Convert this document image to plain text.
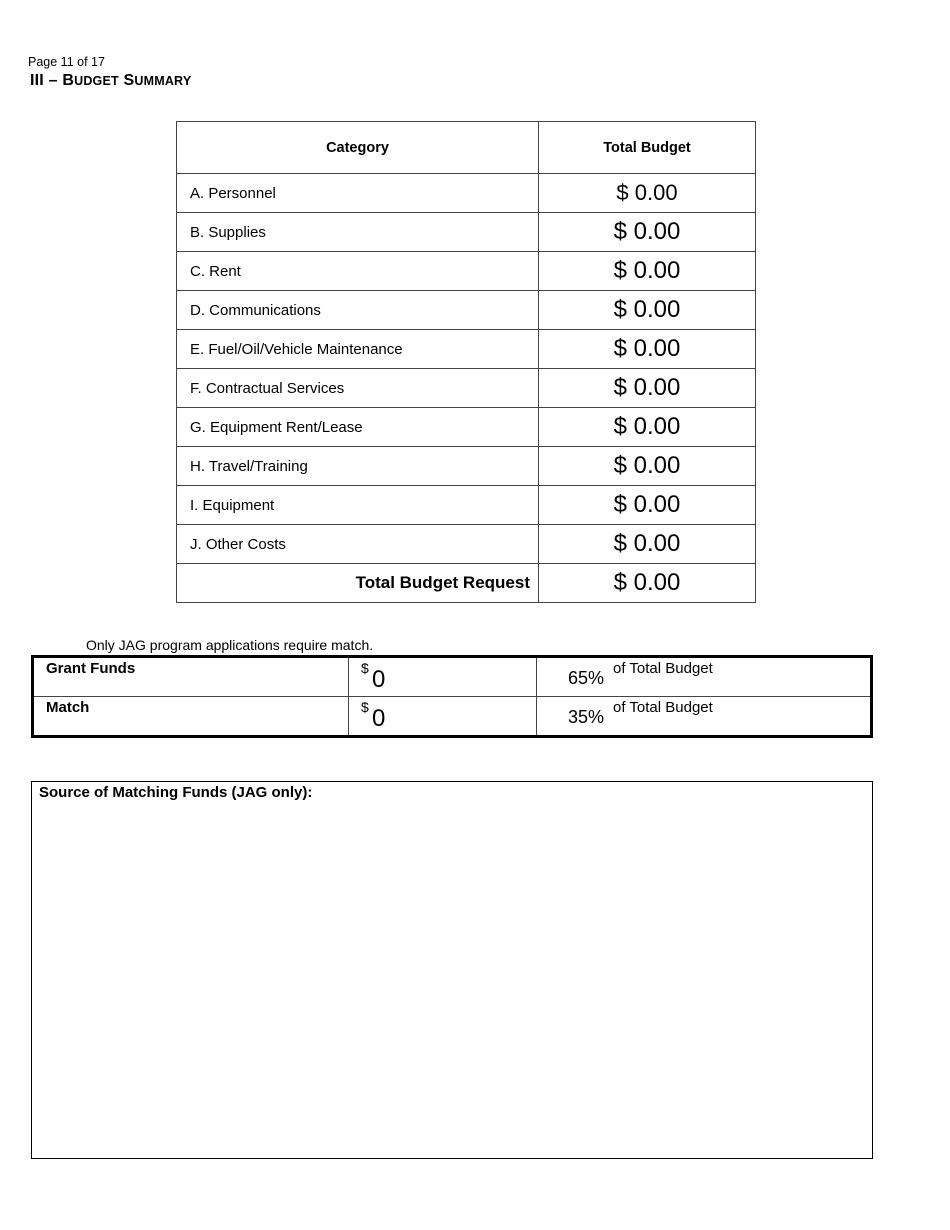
Page 11 of 17
III – BUDGET SUMMARY
Category	Total Budget
A. Personnel	$ 0.00
B. Supplies	$ 0.00
C. Rent	$ 0.00
D. Communications	$ 0.00
E. Fuel/Oil/Vehicle Maintenance	$ 0.00
F. Contractual Services	$ 0.00
G. Equipment Rent/Lease	$ 0.00
H. Travel/Training	$ 0.00
I. Equipment	$ 0.00
J. Other Costs	$ 0.00
Total Budget Request	$ 0.00
Only JAG program applications require match.
Grant Funds	$ 0	65% of Total Budget

Match	$ 0	35% of Total Budget
Source of Matching Funds (JAG only):
